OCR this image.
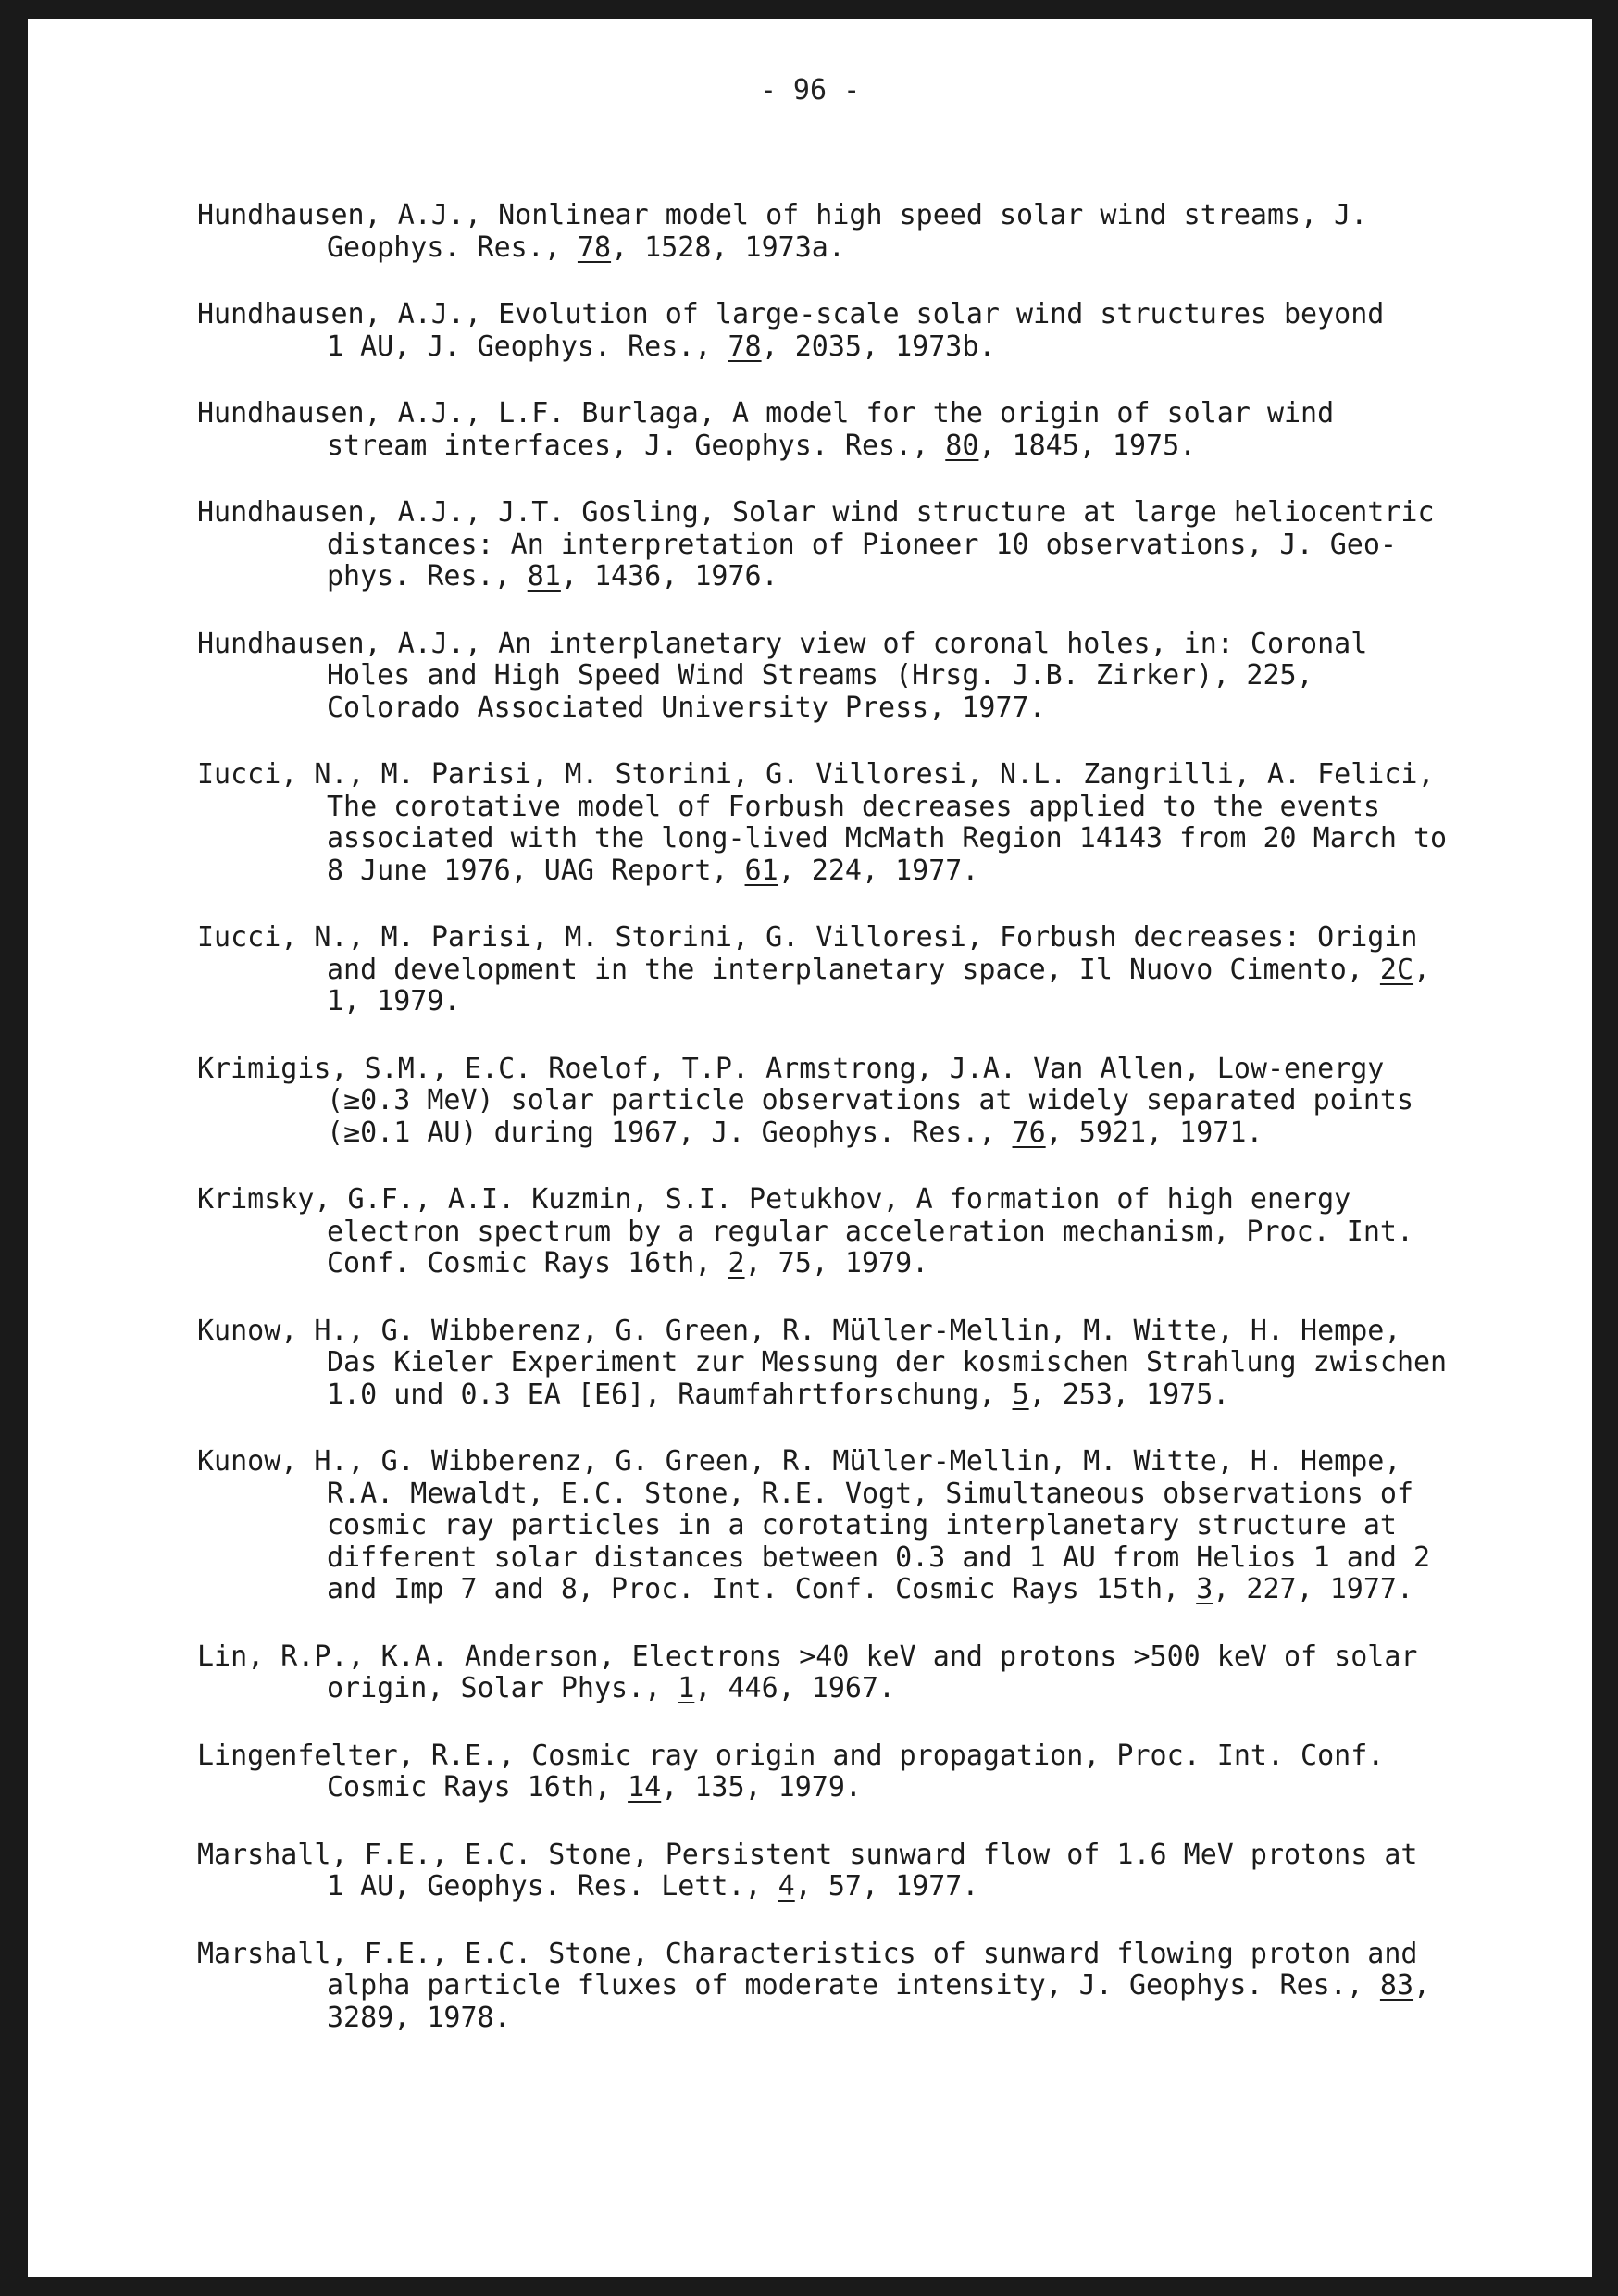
- 96 -
Hundhausen, A.J., Nonlinear model of high speed solar wind streams, J.
Geophys. Res., 78, 1528, 1973a.
Hundhausen, A.J., Evolution of large-scale solar wind structures beyond
1 AU, J. Geophys. Res., 78, 2035, 1973b.
Hundhausen, A.J., L.F. Burlaga, A model for the origin of solar wind
stream interfaces, J. Geophys. Res., 80, 1845, 1975.
Hundhausen, A.J., J.T. Gosling, Solar wind structure at large heliocentric
distances: An interpretation of Pioneer 10 observations, J. Geo-
phys. Res., 81, 1436, 1976.
Hundhausen, A.J., An interplanetary view of coronal holes, in: Coronal
Holes and High Speed Wind Streams (Hrsg. J.B. Zirker), 225,
Colorado Associated University Press, 1977.
Iucci, N., M. Parisi, M. Storini, G. Villoresi, N.L. Zangrilli, A. Felici,
The corotative model of Forbush decreases applied to the events
associated with the long-lived McMath Region 14143 from 20 March to
8 June 1976, UAG Report, 61, 224, 1977.
Iucci, N., M. Parisi, M. Storini, G. Villoresi, Forbush decreases: Origin
and development in the interplanetary space, Il Nuovo Cimento, 2C,
1, 1979.
Krimigis, S.M., E.C. Roelof, T.P. Armstrong, J.A. Van Allen, Low-energy
(≥0.3 MeV) solar particle observations at widely separated points
(≥0.1 AU) during 1967, J. Geophys. Res., 76, 5921, 1971.
Krimsky, G.F., A.I. Kuzmin, S.I. Petukhov, A formation of high energy
electron spectrum by a regular acceleration mechanism, Proc. Int.
Conf. Cosmic Rays 16th, 2, 75, 1979.
Kunow, H., G. Wibberenz, G. Green, R. Müller-Mellin, M. Witte, H. Hempe,
Das Kieler Experiment zur Messung der kosmischen Strahlung zwischen
1.0 und 0.3 EA [E6], Raumfahrtforschung, 5, 253, 1975.
Kunow, H., G. Wibberenz, G. Green, R. Müller-Mellin, M. Witte, H. Hempe,
R.A. Mewaldt, E.C. Stone, R.E. Vogt, Simultaneous observations of
cosmic ray particles in a corotating interplanetary structure at
different solar distances between 0.3 and 1 AU from Helios 1 and 2
and Imp 7 and 8, Proc. Int. Conf. Cosmic Rays 15th, 3, 227, 1977.
Lin, R.P., K.A. Anderson, Electrons >40 keV and protons >500 keV of solar
origin, Solar Phys., 1, 446, 1967.
Lingenfelter, R.E., Cosmic ray origin and propagation, Proc. Int. Conf.
Cosmic Rays 16th, 14, 135, 1979.
Marshall, F.E., E.C. Stone, Persistent sunward flow of 1.6 MeV protons at
1 AU, Geophys. Res. Lett., 4, 57, 1977.
Marshall, F.E., E.C. Stone, Characteristics of sunward flowing proton and
alpha particle fluxes of moderate intensity, J. Geophys. Res., 83,
3289, 1978.
